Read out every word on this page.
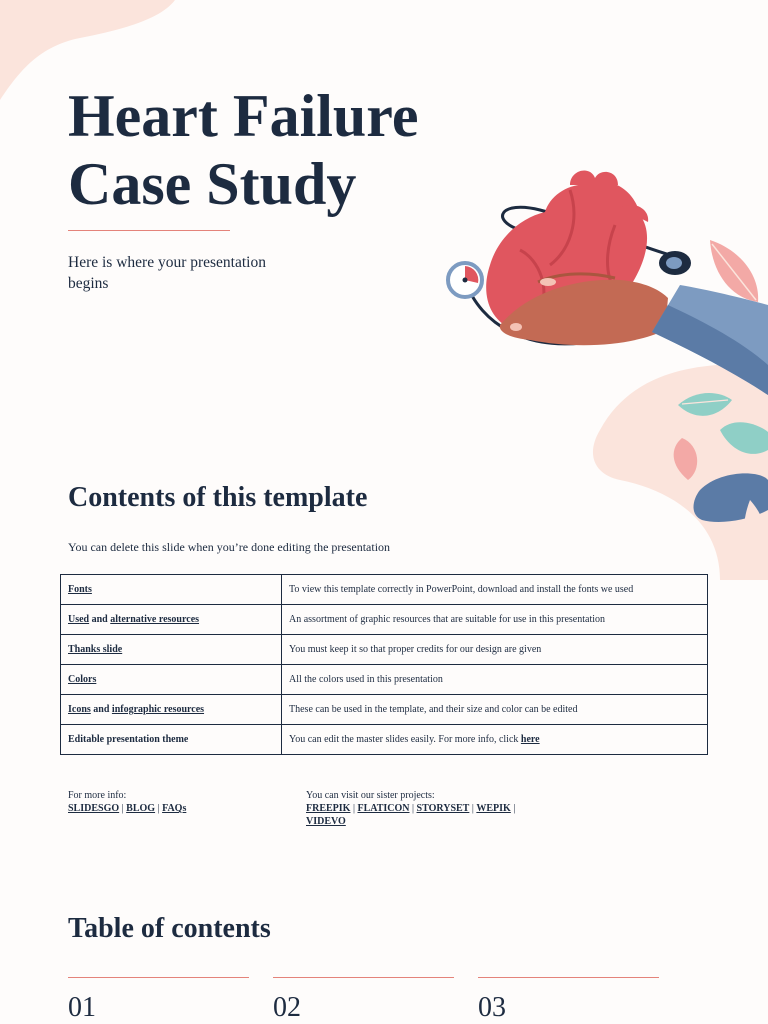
Heart Failure
Case Study
Here is where your presentation begins
Contents of this template
You can delete this slide when you’re done editing the presentation
Fonts	To view this template correctly in PowerPoint, download and install the fonts we used
Used and alternative resources	An assortment of graphic resources that are suitable for use in this presentation
Thanks slide	You must keep it so that proper credits for our design are given
Colors	All the colors used in this presentation
Icons and infographic resources	These can be used in the template, and their size and color can be edited
Editable presentation theme	You can edit the master slides easily. For more info, click here
For more info:
SLIDESGO | BLOG | FAQs
You can visit our sister projects:
FREEPIK | FLATICON | STORYSET | WEPIK | VIDEVO
Table of contents
01	02	03
